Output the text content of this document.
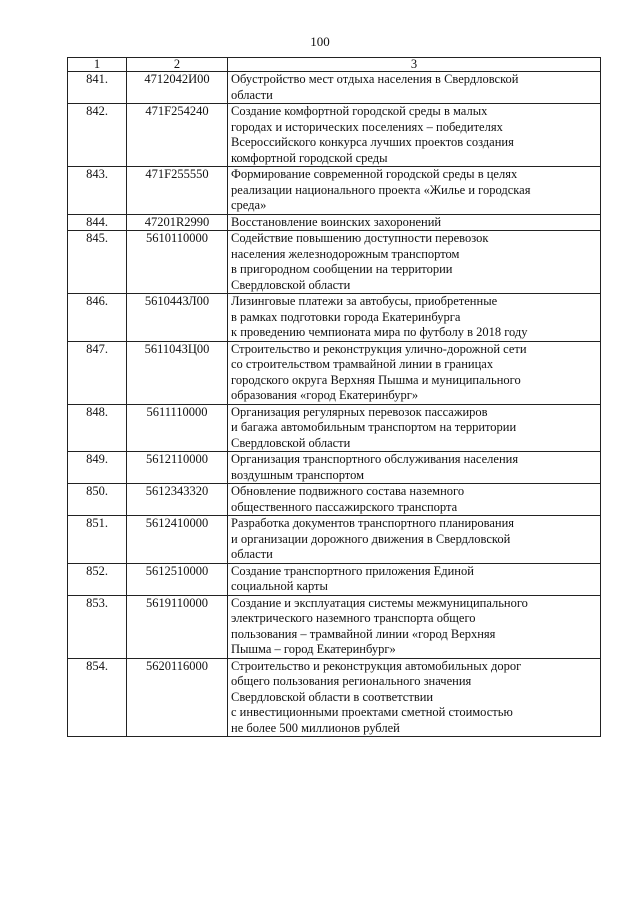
100
1	2	3
841.	4712042И00	Обустройство мест отдыха населения в Свердловской
области

842.	471F254240	Создание комфортной городской среды в малых
городах и исторических поселениях – победителях
Всероссийского конкурса лучших проектов создания
комфортной городской среды

843.	471F255550	Формирование современной городской среды в целях
реализации национального проекта «Жилье и городская
среда»

844.	47201R2990	Восстановление воинских захоронений

845.	5610110000	Содействие повышению доступности перевозок
населения железнодорожным транспортом
в пригородном сообщении на территории
Свердловской области

846.	561044ЗЛ00	Лизинговые платежи за автобусы, приобретенные
в рамках подготовки города Екатеринбурга
к проведению чемпионата мира по футболу в 2018 году

847.	561104ЗЦ00	Строительство и реконструкция улично-дорожной сети
со строительством трамвайной линии в границах
городского округа Верхняя Пышма и муниципального
образования «город Екатеринбург»

848.	5611110000	Организация регулярных перевозок пассажиров
и багажа автомобильным транспортом на территории
Свердловской области

849.	5612110000	Организация транспортного обслуживания населения
воздушным транспортом

850.	5612343320	Обновление подвижного состава наземного
общественного пассажирского транспорта

851.	5612410000	Разработка документов транспортного планирования
и организации дорожного движения в Свердловской
области

852.	5612510000	Создание транспортного приложения Единой
социальной карты

853.	5619110000	Создание и эксплуатация системы межмуниципального
электрического наземного транспорта общего
пользования – трамвайной линии «город Верхняя
Пышма – город Екатеринбург»

854.	5620116000	Строительство и реконструкция автомобильных дорог
общего пользования регионального значения
Свердловской области в соответствии
с инвестиционными проектами сметной стоимостью
не более 500 миллионов рублей
